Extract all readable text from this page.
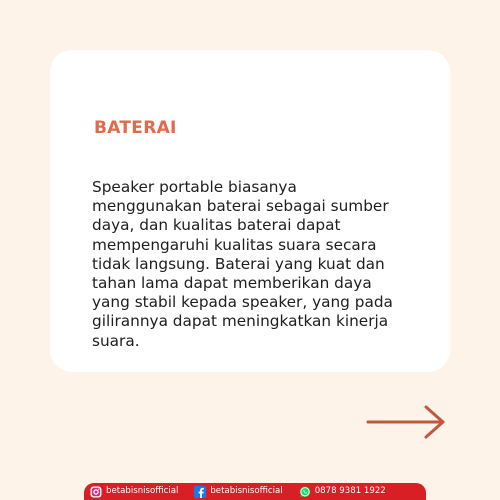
BATERAI

Speaker portable biasanya
menggunakan baterai sebagai sumber
daya, dan kualitas baterai dapat
mempengaruhi kualitas suara secara
tidak langsung. Baterai yang kuat dan
tahan lama dapat memberikan daya
yang stabil kepada speaker, yang pada
gilirannya dapat meningkatkan kinerja
suara.

betabisnisofficial	betabisnisofficial	0878 9381 1922
